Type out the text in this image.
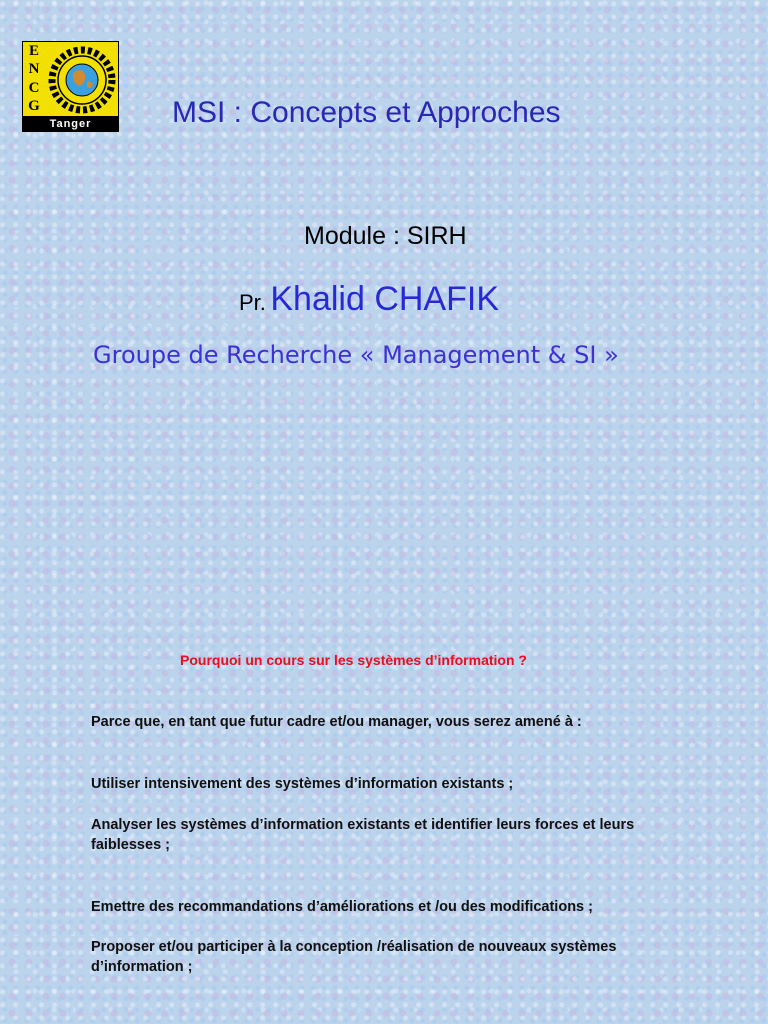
E
N
C
G
Tanger	MSI : Concepts et Approches
Module : SIRH
Pr. Khalid CHAFIK
Groupe de Recherche « Management & SI »
Pourquoi un cours sur les systèmes d’information ?
Parce que, en tant que futur cadre et/ou manager, vous serez amené à :
Utiliser intensivement des systèmes d’information existants ;
Analyser les systèmes d’information existants et identifier leurs forces et leurs faiblesses ;
Emettre des recommandations d’améliorations et /ou des modifications ;
Proposer et/ou participer à la conception /réalisation de nouveaux systèmes d’information ;
